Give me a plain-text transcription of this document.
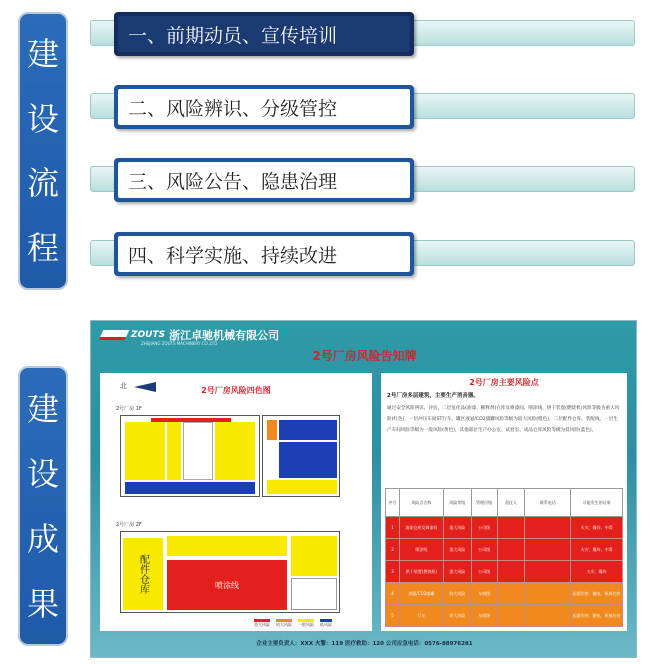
建
设
流
程
一、前期动员、宣传培训
二、风险辨识、分级管控
三、风险公告、隐患治理
四、科学实施、持续改进
建
设
成
果
ZOUTS 浙江卓驰机械有限公司
ZHEJIANG ZOUTS MACHINERY CO.,LTD
2号厂房风险告知牌
北	2号厂房风险四色图
2号厂房 1F
2号厂房 2F
配件仓库	喷涂线
重大风险 较大风险 一般风险 低风险
2号厂房主要风险点
2号厂房多层建筑，主要生产消音器。
通过安全风险辨识、评估，二层危化品(油漆、稀释剂)仓库及喷漆间、喷涂线、烘干装置(燃烧机)风险等级为重大风险(红色)，一层冲压车间ST行车、罐区液氩/CO2储罐风险等级为较大风险(橙色)，二层配件仓库、装配线，一层生产车间风险等级为一般风险(黄色)，其他部位生产办公室、试验室、成品仓库风险等级为低风险(蓝色)。
序号	风险点名称	风险等级	管理层级	责任人	联系电话	可能发生的后果
1	油漆仓库及调漆间	重大风险	公司级			火灾、爆炸、中毒
2	喷涂线	重大风险	公司级			火灾、爆炸、中毒
3	烘干装置(燃烧机)	重大风险	公司级			火灾、爆炸
4	液氩/CO2储罐	较大风险	车间级			起重伤害、触电、机械伤害
5	行车	较大风险	车间级			起重伤害、触电、机械伤害
企业主要负责人：XXX 火警：119 医疗救助：120 公司应急电话：0576-88976281
